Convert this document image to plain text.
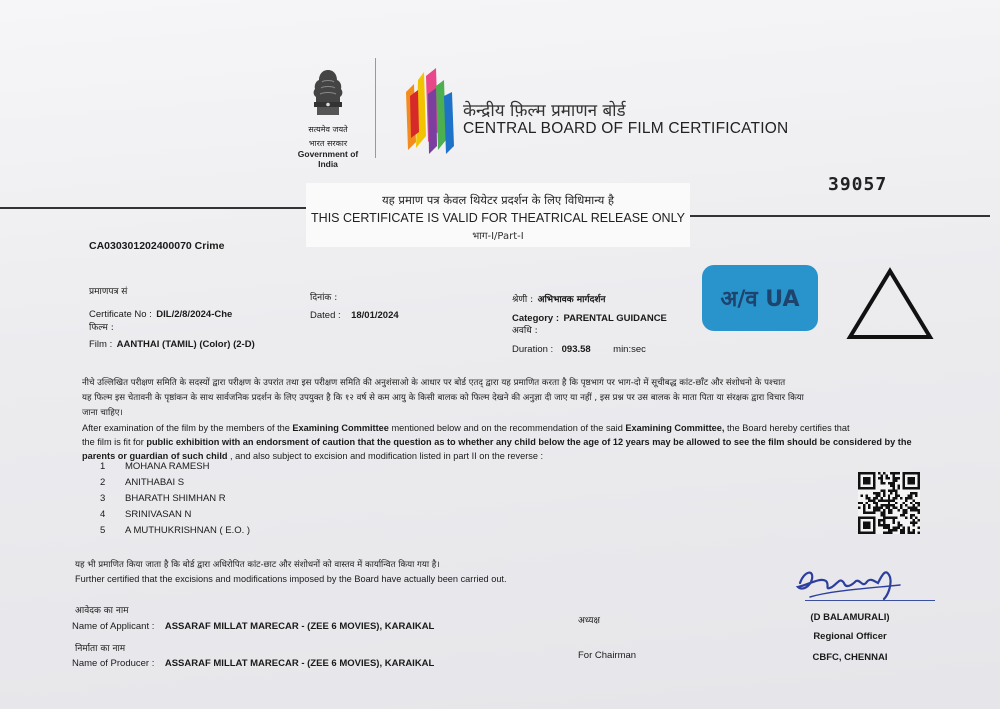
सत्यमेव जयते
भारत सरकार
Government of India
केन्द्रीय फ़िल्म प्रमाणन बोर्ड
CENTRAL BOARD OF FILM CERTIFICATION
39057
यह प्रमाण पत्र केवल थियेटर प्रदर्शन के लिए विधिमान्य है
THIS CERTIFICATE IS VALID FOR THEATRICAL RELEASE ONLY
भाग-I/Part-I
CA030301202400070 Crime
प्रमाणपत्र सं
Certificate No : DIL/2/8/2024-Che
दिनांक :
Dated : 18/01/2024
श्रेणी : अभिभावक मार्गदर्शन
Category : PARENTAL GUIDANCE
अवधि :
Duration : 093.58 min:sec
फिल्म :
Film : AANTHAI (TAMIL) (Color) (2-D)
अ/व UA
नीचे उल्लिखित परीक्षण समिति के सदस्यों द्वारा परीक्षण के उपरांत तथा इस परीक्षण समिति की अनुशंसाओ के आधार पर बोर्ड एतद् द्वारा यह प्रमाणित करता है कि पृष्ठभाग पर भाग-दो में सूचीबद्ध कांट-छाँट और संशोधनो के पश्चात
यह फिल्म इस चेतावनी के पृष्ठांकन के साथ सार्वजनिक प्रदर्शन के लिए उपयुक्त है कि १२ वर्ष से कम आयु के किसी बालक को फिल्म देखने की अनुज्ञा दी जाए या नहीं , इस प्रश्न पर उस बालक के माता पिता या संरक्षक द्वारा विचार किया
जाना चाहिए।
After examination of the film by the members of the Examining Committee mentioned below and on the recommendation of the said Examining Committee, the Board hereby certifies that
the film is fit for public exhibition with an endorsment of caution that the question as to whether any child below the age of 12 years may be allowed to see the film should be considered by the parents or guardian of such child , and also subject to excision and modification listed in part II on the reverse :
1 MOHANA RAMESH
2 ANITHABAI S
3 BHARATH SHIMHAN R
4 SRINIVASAN N
5 A MUTHUKRISHNAN ( E.O. )
यह भी प्रमाणित किया जाता है कि बोर्ड द्वारा अधिरोपित कांट-छाट और संशोधनों को वास्तव में कार्यान्वित किया गया है।
Further certified that the excisions and modifications imposed by the Board have actually been carried out.
आवेदक का नाम
Name of Applicant : ASSARAF MILLAT MARECAR - (ZEE 6 MOVIES), KARAIKAL
निर्माता का नाम
Name of Producer : ASSARAF MILLAT MARECAR - (ZEE 6 MOVIES), KARAIKAL
अध्यक्ष
For Chairman
(D BALAMURALI)
Regional Officer
CBFC, CHENNAI
